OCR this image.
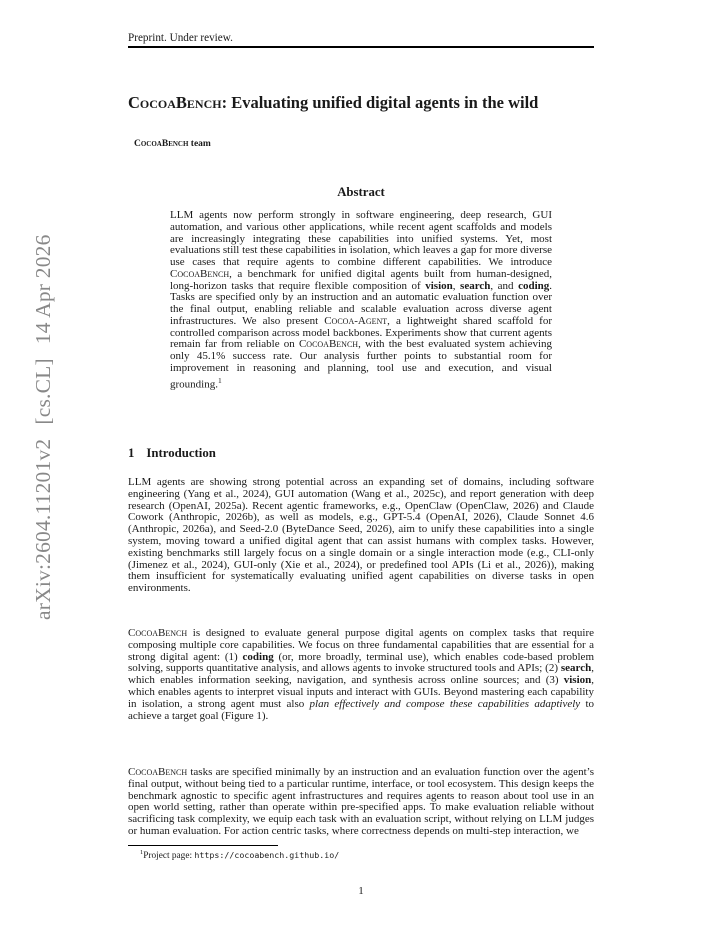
Preprint. Under review.
CocoaBench: Evaluating unified digital agents in the wild
CocoaBench team
Abstract
LLM agents now perform strongly in software engineering, deep research, GUI automation, and various other applications, while recent agent scaffolds and models are increasingly integrating these capabilities into unified systems. Yet, most evaluations still test these capabilities in isolation, which leaves a gap for more diverse use cases that require agents to combine different capabilities. We introduce CocoaBench, a benchmark for unified digital agents built from human-designed, long-horizon tasks that require flexible composition of vision, search, and coding. Tasks are specified only by an instruction and an automatic evaluation function over the final output, enabling reliable and scalable evaluation across diverse agent infrastructures. We also present Cocoa-Agent, a lightweight shared scaffold for controlled comparison across model backbones. Experiments show that current agents remain far from reliable on CocoaBench, with the best evaluated system achieving only 45.1% success rate. Our analysis further points to substantial room for improvement in reasoning and planning, tool use and execution, and visual grounding.$^1$
1 Introduction
LLM agents are showing strong potential across an expanding set of domains, including software engineering (Yang et al., 2024), GUI automation (Wang et al., 2025c), and report generation with deep research (OpenAI, 2025a). Recent agentic frameworks, e.g., OpenClaw (OpenClaw, 2026) and Claude Cowork (Anthropic, 2026b), as well as models, e.g., GPT-5.4 (OpenAI, 2026), Claude Sonnet 4.6 (Anthropic, 2026a), and Seed-2.0 (ByteDance Seed, 2026), aim to unify these capabilities into a single system, moving toward a unified digital agent that can assist humans with complex tasks. However, existing benchmarks still largely focus on a single domain or a single interaction mode (e.g., CLI-only (Jimenez et al., 2024), GUI-only (Xie et al., 2024), or predefined tool APIs (Li et al., 2026)), making them insufficient for systematically evaluating unified agent capabilities on diverse tasks in open environments.
CocoaBench is designed to evaluate general purpose digital agents on complex tasks that require composing multiple core capabilities. We focus on three fundamental capabilities that are essential for a strong digital agent: (1) coding (or, more broadly, terminal use), which enables code-based problem solving, supports quantitative analysis, and allows agents to invoke structured tools and APIs; (2) search, which enables information seeking, navigation, and synthesis across online sources; and (3) vision, which enables agents to interpret visual inputs and interact with GUIs. Beyond mastering each capability in isolation, a strong agent must also plan effectively and compose these capabilities adaptively to achieve a target goal (Figure 1).
CocoaBench tasks are specified minimally by an instruction and an evaluation function over the agent’s final output, without being tied to a particular runtime, interface, or tool ecosystem. This design keeps the benchmark agnostic to specific agent infrastructures and requires agents to reason about tool use in an open world setting, rather than operate within pre-specified apps. To make evaluation reliable without sacrificing task complexity, we equip each task with an evaluation script, without relying on LLM judges or human evaluation. For action centric tasks, where correctness depends on multi-step interaction, we
$^1$Project page: https://cocoabench.github.io/
1
arXiv:2604.11201v2[cs.CL]14 Apr 2026
